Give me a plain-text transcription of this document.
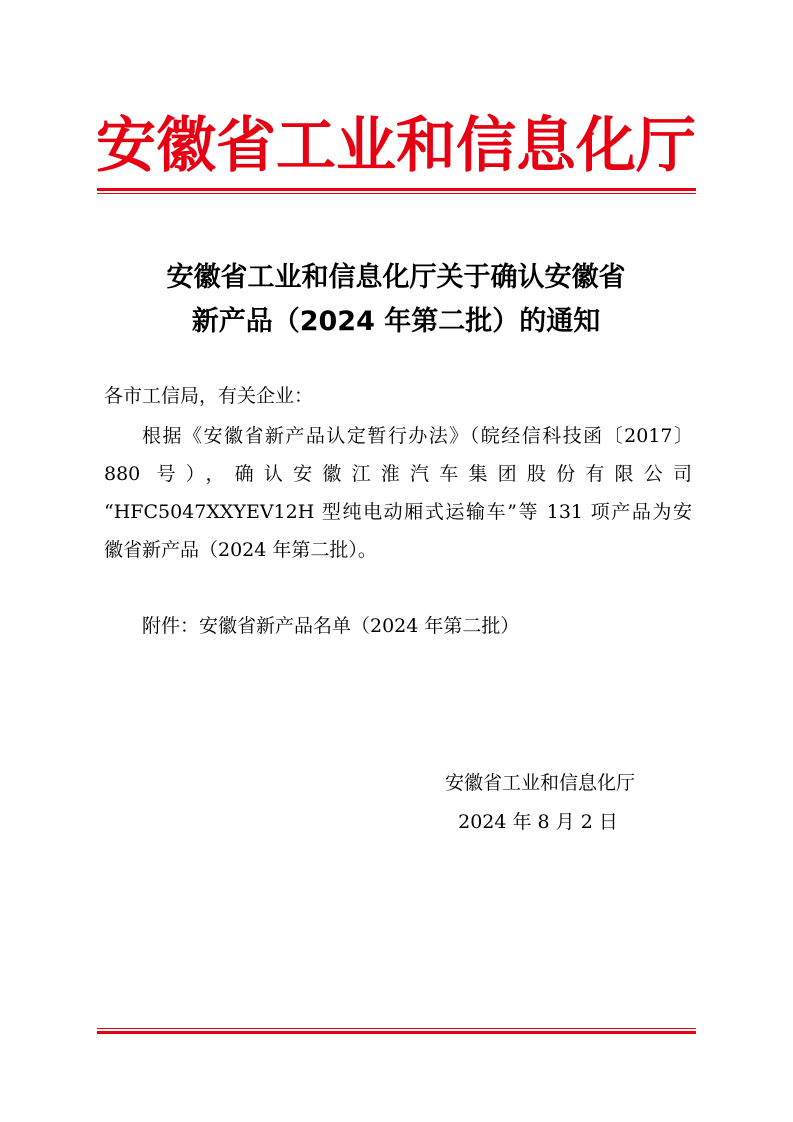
安徽省工业和信息化厅
安徽省工业和信息化厅关于确认安徽省
新产品（2024 年第二批）的通知
各市工信局，有关企业：
根据《安徽省新产品认定暂行办法》（皖经信科技函〔2017〕
880 号），确认安徽江淮汽车集团股份有限公司
“HFC5047XXYEV12H 型纯电动厢式运输车”等 131 项产品为安
徽省新产品（2024 年第二批）。
附件：安徽省新产品名单（2024 年第二批）
安徽省工业和信息化厅
2024 年 8 月 2 日
